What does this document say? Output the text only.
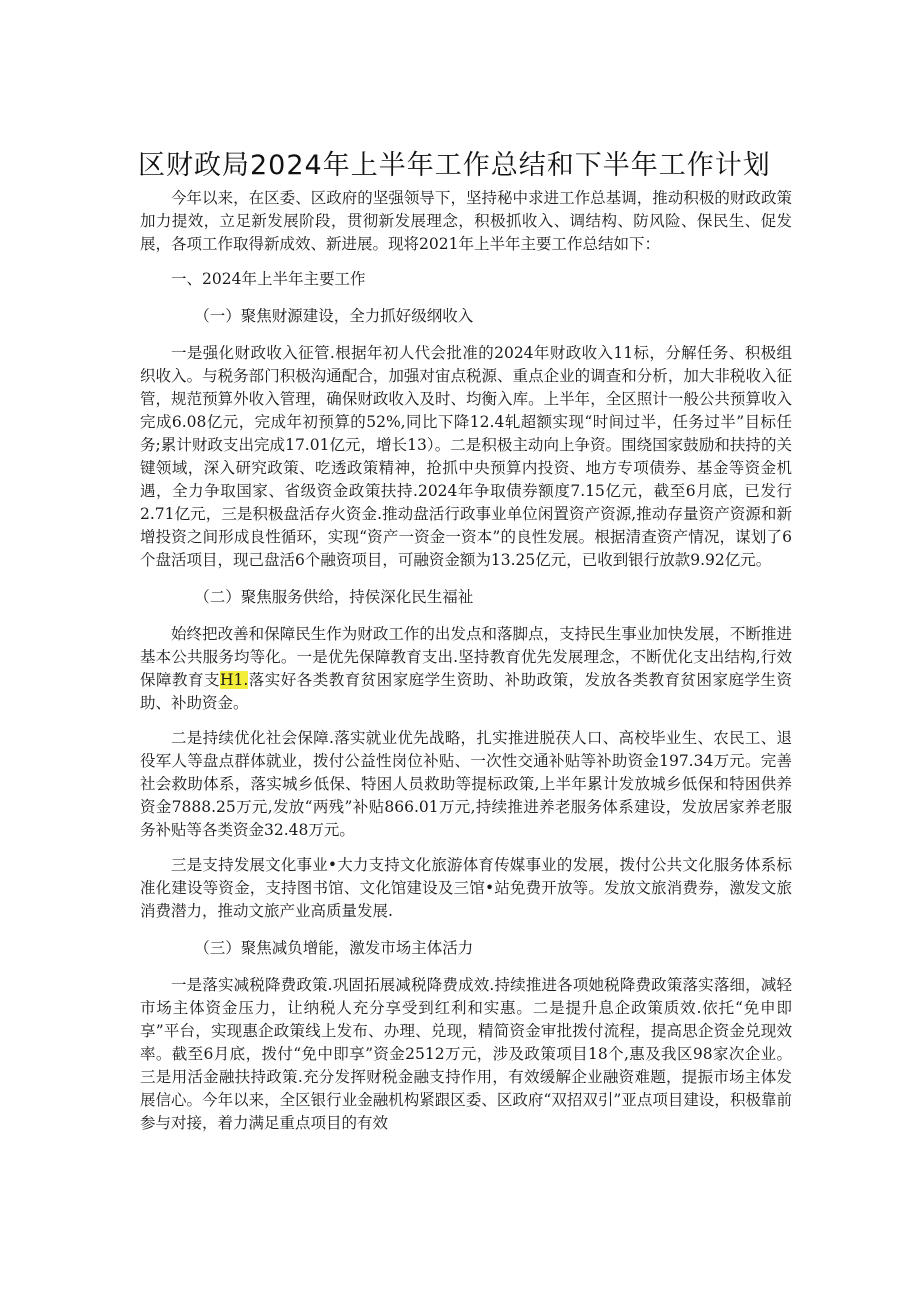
区财政局2024年上半年工作总结和下半年工作计划

今年以来，在区委、区政府的坚强领导下，坚持秘中求进工作总基调，推动积极的财政政策加力提效，立足新发展阶段，贯彻新发展理念，积极抓收入、调结构、防风险、保民生、促发展，各项工作取得新成效、新进展。现将2021年上半年主要工作总结如下：

一、2024年上半年主要工作

（一）聚焦财源建设，全力抓好级纲收入

一是强化财政收入征管.根据年初人代会批准的2024年财政收入11标，分解任务、积极组织收入。与税务部门积极沟通配合，加强对宙点税源、重点企业的调查和分析，加大非税收入征管，规范预算外收入管理，确保财政收入及时、均衡入库。上半年，全区照计一般公共预算收入完成6.08亿元，完成年初预算的52%,同比下降12.4轧超额实现“时间过半，任务过半”目标任务;累计财政支出完成17.01亿元，增长13）。二是积极主动向上争资。围绕国家鼓励和扶持的关键领域，深入研究政策、吃透政策精神，抢抓中央预算内投资、地方专项债券、基金等资金机遇，全力争取国家、省级资金政策扶持.2024年争取债券额度7.15亿元，截至6月底，已发行2.71亿元，三是积极盘活存火资金.推动盘活行政事业单位闲置资产资源,推动存量资产资源和新增投资之间形成良性循环，实现“资产一资金一资本”的良性发展。根据清查资产情况，谋划了6个盘活项目，现己盘活6个融资项目，可融资金额为13.25亿元，已收到银行放款9.92亿元。

（二）聚焦服务供给，持侯深化民生福祉

始终把改善和保障民生作为财政工作的出发点和落脚点，支持民生事业加快发展，不断推进基本公共服务均等化。一是优先保障教育支出.坚持教育优先发展理念，不断优化支出结构,行效保障教育支H1.落实好各类教育贫困家庭学生资助、补助政策，发放各类教育贫困家庭学生资助、补助资金。

二是持续优化社会保障.落实就业优先战略，扎实推进脱茯人口、高校毕业生、农民工、退役军人等盘点群体就业，拨付公益性岗位补贴、一次性交通补贴等补助资金197.34万元。完善社会救助体系，落实城乡低保、特困人员救助等提标政策,上半年累计发放城乡低保和特困供养资金7888.25万元,发放“两残”补贴866.01万元,持续推进养老服务体系建设，发放居家养老服务补贴等各类资金32.48万元。

三是支持发展文化事业•大力支持文化旅游体育传媒事业的发展，拨付公共文化服务体系标准化建设等资金，支持图书馆、文化馆建设及三馆•站免费开放等。发放文旅消费券，激发文旅消费潜力，推动文旅产业高质量发展.

（三）聚焦减负增能，激发市场主体活力

一是落实减税降费政策.巩固拓展减税降费成效.持续推进各项她税降费政策落实落细，减轻市场主体资金压力，让纳税人充分享受到红利和实惠。二是提升息企政策质效.依托“免申即享”平台，实现惠企政策线上发布、办理、兑现，精简资金审批拨付流程，提高思企资金兑现效率。截至6月底，拨付“免中即享”资金2512万元，涉及政策项目18个,惠及我区98家次企业。三是用活金融扶持政策.充分发挥财税金融支持作用，有效缓解企业融资难题，提振市场主体发展信心。今年以来，全区银行业金融机构紧跟区委、区政府“双招双引”亚点项目建设，积极靠前参与对接，着力满足重点项目的有效
